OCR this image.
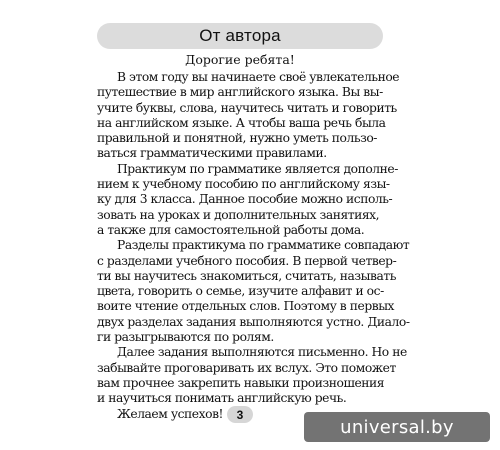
От автора
Дорогие ребята!
В этом году вы начинаете своё увлекательное
путешествие в мир английского языка. Вы вы-
учите буквы, слова, научитесь читать и говорить
на английском языке. А чтобы ваша речь была
правильной и понятной, нужно уметь пользо-
ваться грамматическими правилами.
Практикум по грамматике является дополне-
нием к учебному пособию по английскому язы-
ку для 3 класса. Данное пособие можно исполь-
зовать на уроках и дополнительных занятиях,
а также для самостоятельной работы дома.
Разделы практикума по грамматике совпадают
с разделами учебного пособия. В первой четвер-
ти вы научитесь знакомиться, считать, называть
цвета, говорить о семье, изучите алфавит и ос-
воите чтение отдельных слов. Поэтому в первых
двух разделах задания выполняются устно. Диало-
ги разыгрываются по ролям.
Далее задания выполняются письменно. Но не
забывайте проговаривать их вслух. Это поможет
вам прочнее закрепить навыки произношения
и научиться понимать английскую речь.
Желаем успехов!	3
universal.by
